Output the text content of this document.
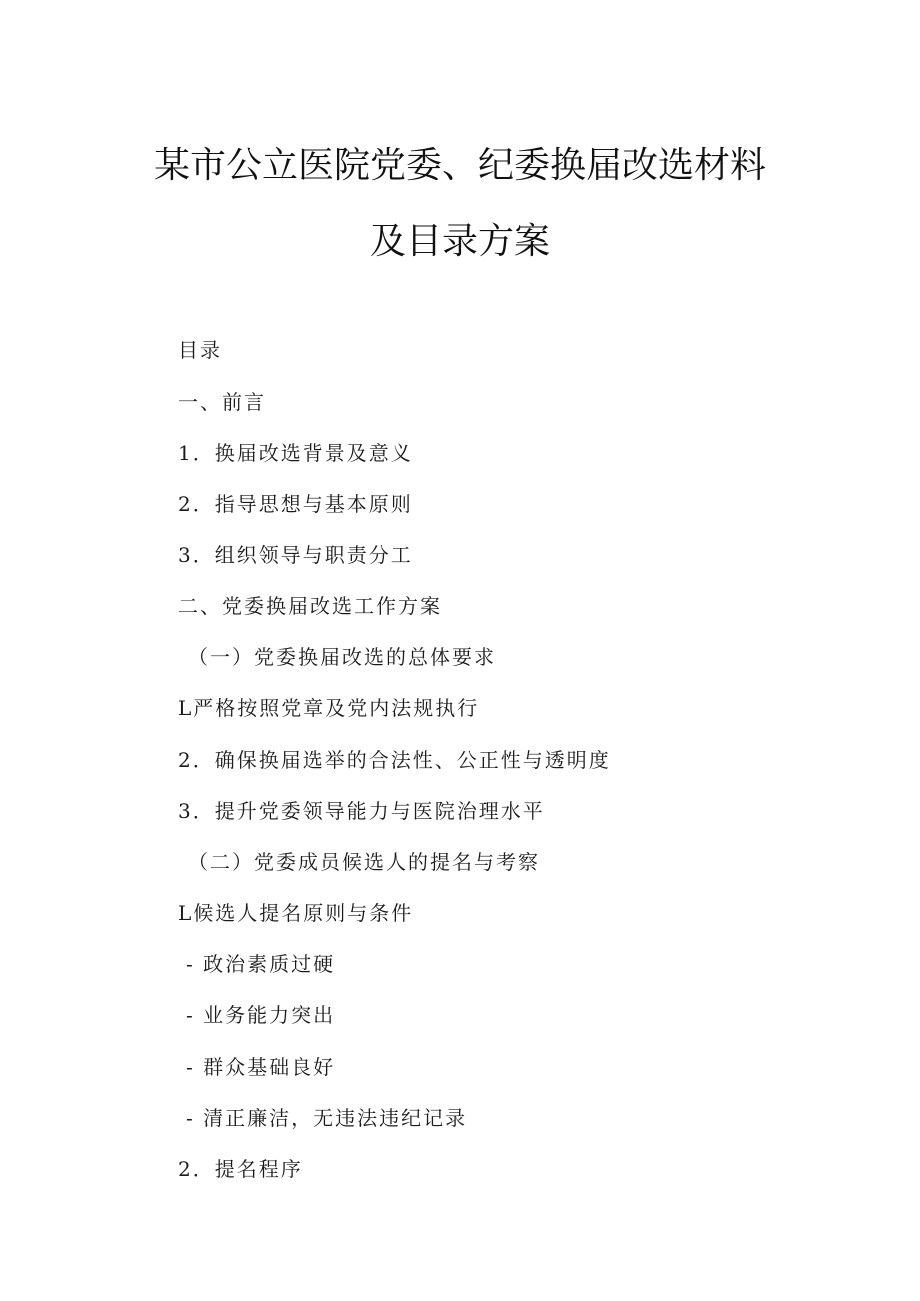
某市公立医院党委、纪委换届改选材料
及目录方案
目录
一、前言
1．换届改选背景及意义
2．指导思想与基本原则
3．组织领导与职责分工
二、党委换届改选工作方案
（一）党委换届改选的总体要求
L严格按照党章及党内法规执行
2．确保换届选举的合法性、公正性与透明度
3．提升党委领导能力与医院治理水平
（二）党委成员候选人的提名与考察
L候选人提名原则与条件
- 政治素质过硬
- 业务能力突出
- 群众基础良好
- 清正廉洁，无违法违纪记录
2．提名程序
